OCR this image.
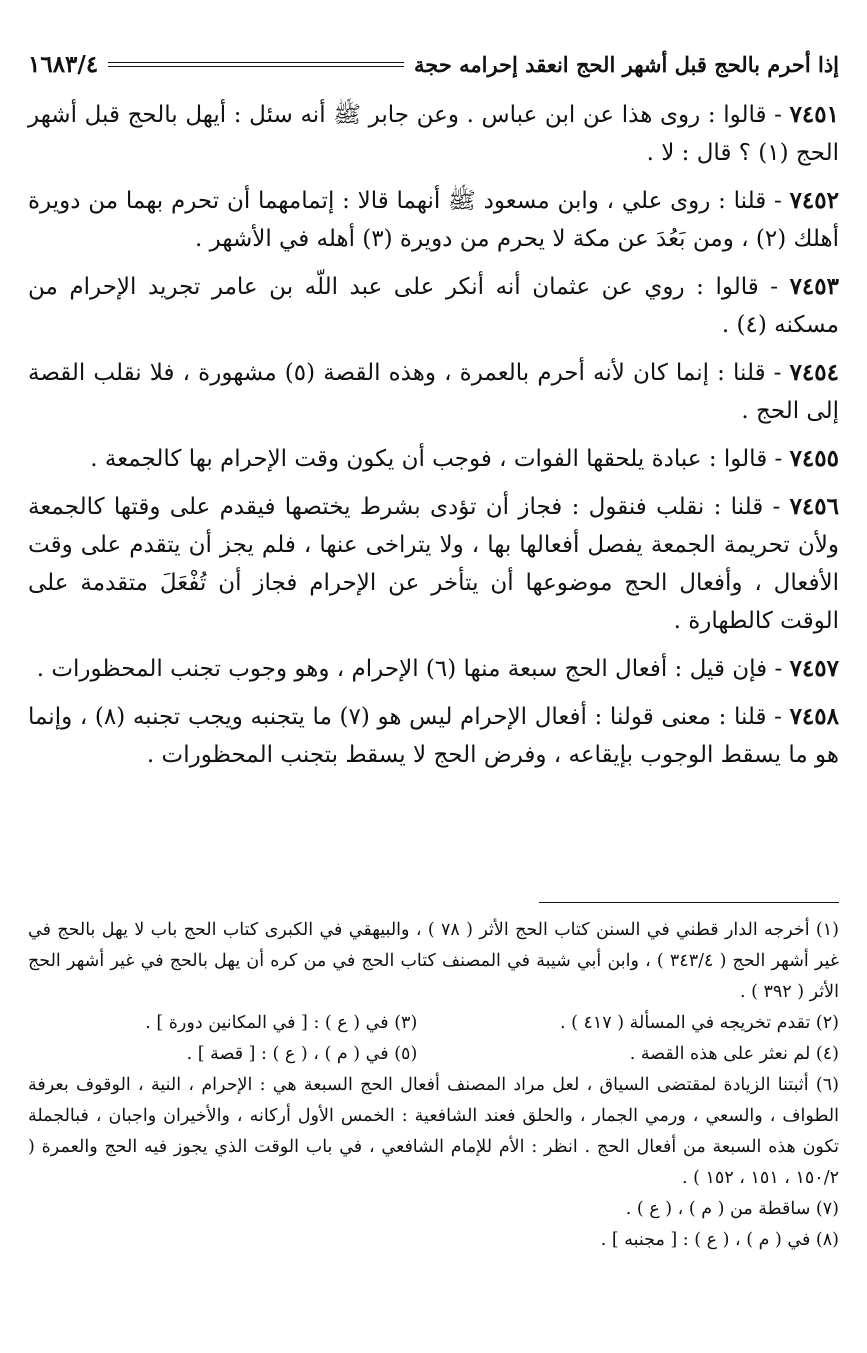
إذا أحرم بالحج قبل أشهر الحج انعقد إحرامه حجة
١٦٨٣/٤

٧٤٥١ - قالوا : روى هذا عن ابن عباس . وعن جابر ﷺ أنه سئل : أيهل بالحج قبل أشهر الحج (١) ؟ قال : لا .

٧٤٥٢ - قلنا : روى علي ، وابن مسعود ﷺ أنهما قالا : إتمامهما أن تحرم بهما من دويرة أهلك (٢) ، ومن بَعُدَ عن مكة لا يحرم من دويرة (٣) أهله في الأشهر .

٧٤٥٣ - قالوا : روي عن عثمان أنه أنكر على عبد اللّه بن عامر تجريد الإحرام من مسكنه (٤) .

٧٤٥٤ - قلنا : إنما كان لأنه أحرم بالعمرة ، وهذه القصة (٥) مشهورة ، فلا نقلب القصة إلى الحج .

٧٤٥٥ - قالوا : عبادة يلحقها الفوات ، فوجب أن يكون وقت الإحرام بها كالجمعة .

٧٤٥٦ - قلنا : نقلب فنقول : فجاز أن تؤدى بشرط يختصها فيقدم على وقتها كالجمعة ولأن تحريمة الجمعة يفصل أفعالها بها ، ولا يتراخى عنها ، فلم يجز أن يتقدم على وقت الأفعال ، وأفعال الحج موضوعها أن يتأخر عن الإحرام فجاز أن تُفْعَلَ متقدمة على الوقت كالطهارة .

٧٤٥٧ - فإن قيل : أفعال الحج سبعة منها (٦) الإحرام ، وهو وجوب تجنب المحظورات .

٧٤٥٨ - قلنا : معنى قولنا : أفعال الإحرام ليس هو (٧) ما يتجنبه ويجب تجنبه (٨) ، وإنما هو ما يسقط الوجوب بإيقاعه ، وفرض الحج لا يسقط بتجنب المحظورات .

(١) أخرجه الدار قطني في السنن كتاب الحج الأثر ( ٧٨ ) ، والبيهقي في الكبرى كتاب الحج باب لا يهل بالحج في غير أشهر الحج ( ٣٤٣/٤ ) ، وابن أبي شيبة في المصنف كتاب الحج في من كره أن يهل بالحج في غير أشهر الحج الأثر ( ٣٩٢ ) .

(٢) تقدم تخريجه في المسألة ( ٤١٧ ) .

(٣) في ( ع ) : [ في المكانين دورة ] .

(٤) لم نعثر على هذه القصة .

(٥) في ( م ) ، ( ع ) : [ قصة ] .

(٦) أثبتنا الزيادة لمقتضى السياق ، لعل مراد المصنف أفعال الحج السبعة هي : الإحرام ، النية ، الوقوف بعرفة الطواف ، والسعي ، ورمي الجمار ، والحلق فعند الشافعية : الخمس الأول أركانه ، والأخيران واجبان ، فبالجملة تكون هذه السبعة من أفعال الحج . انظر : الأم للإمام الشافعي ، في باب الوقت الذي يجوز فيه الحج والعمرة ( ١٥٠/٢ ، ١٥١ ، ١٥٢ ) .

(٧) ساقطة من ( م ) ، ( ع ) .

(٨) في ( م ) ، ( ع ) : [ مجنبه ] .
